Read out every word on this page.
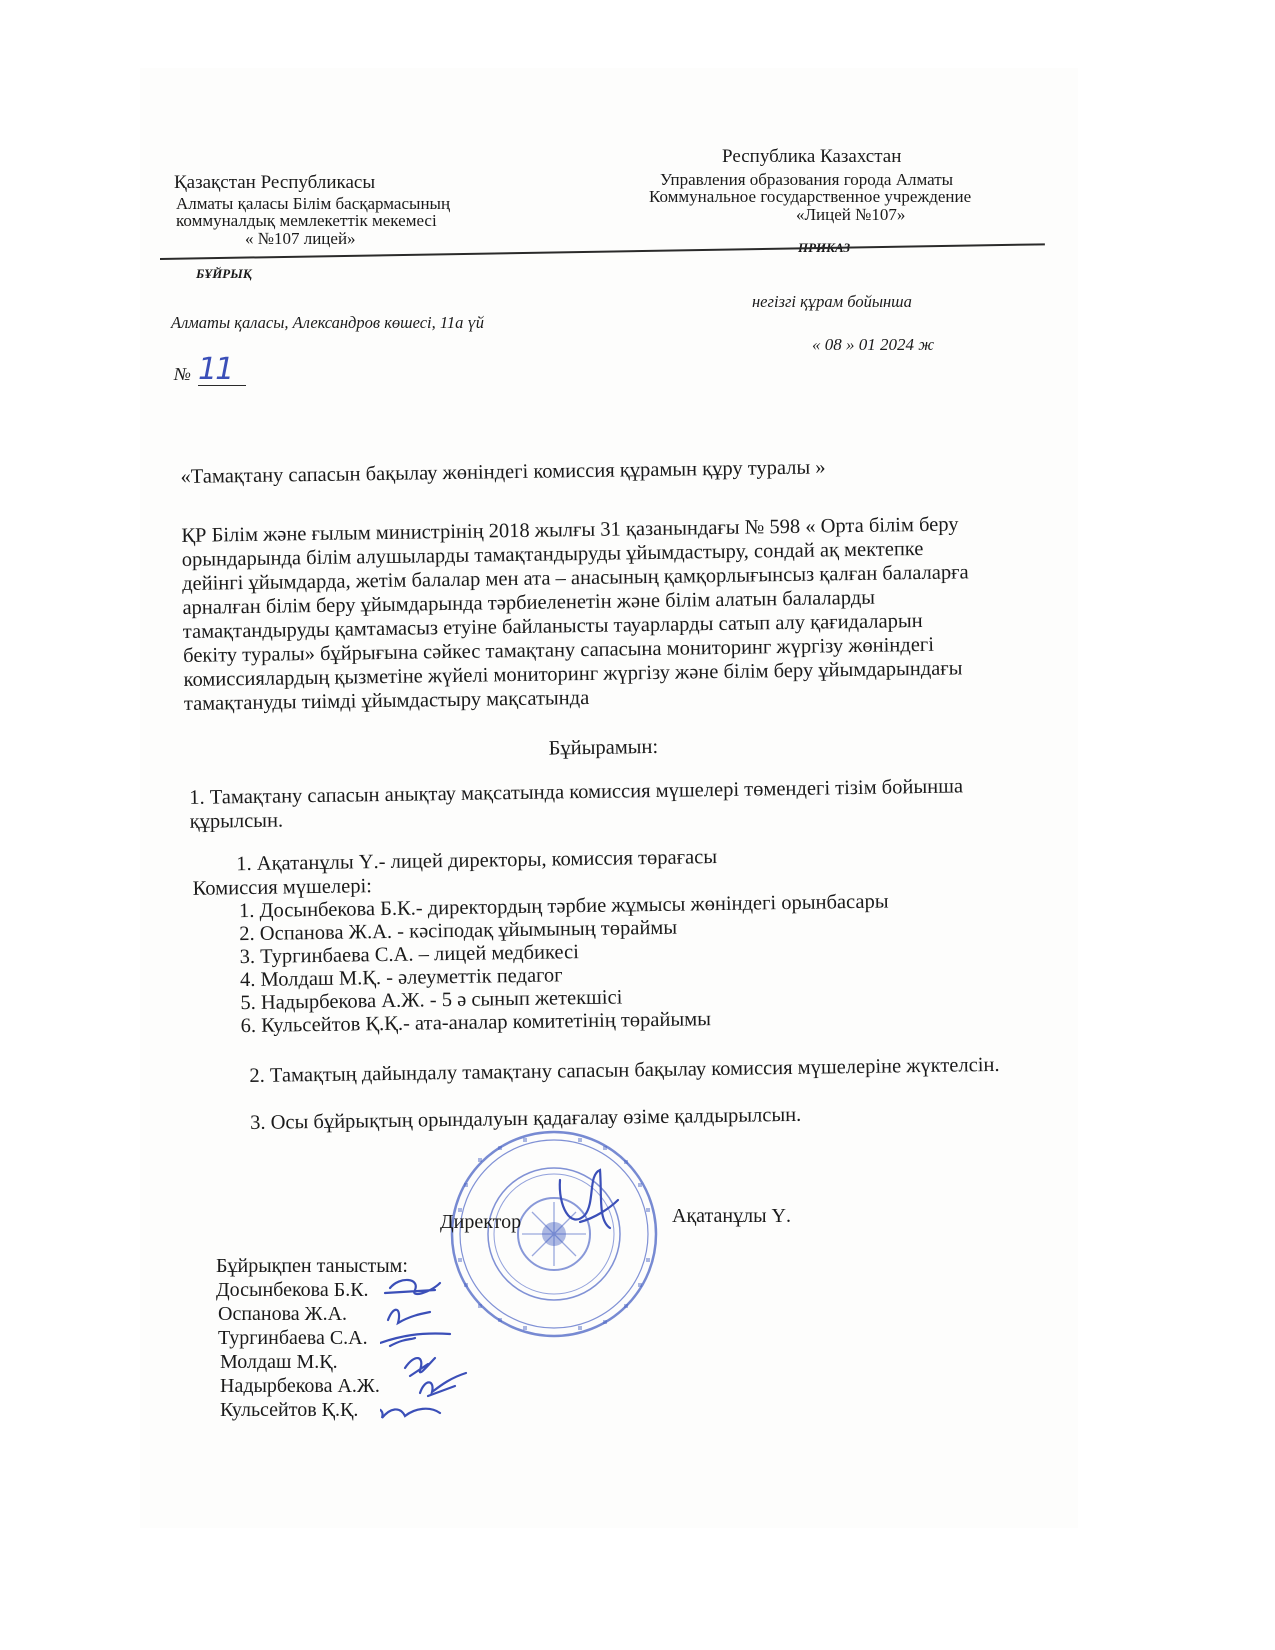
Қазақстан Республикасы
Алматы қаласы Білім басқармасының
коммуналдық мемлекеттік мекемесі
« №107 лицей»
БҰЙРЫҚ
Республика Казахстан
Управления образования города Алматы
Коммунальное государственное учреждение
«Лицей №107»
ПРИКАЗ
Алматы қаласы, Александров көшесі, 11а үй
негізгі құрам бойынша
« 08 » 01 2024 ж
№ 11
«Тамақтану сапасын бақылау жөніндегі комиссия құрамын құру туралы »
ҚР Білім және ғылым министрінің 2018 жылғы 31 қазанындағы № 598 « Орта білім беру
орындарында білім алушыларды тамақтандыруды ұйымдастыру, сондай ақ мектепке
дейінгі ұйымдарда, жетім балалар мен ата – анасының қамқорлығынсыз қалған балаларға
арналған білім беру ұйымдарында тәрбиеленетін және білім алатын балаларды
тамақтандыруды қамтамасыз етуіне байланысты тауарларды сатып алу қағидаларын
бекіту туралы» бұйрығына сәйкес тамақтану сапасына мониторинг жүргізу жөніндегі
комиссиялардың қызметіне жүйелі мониторинг жүргізу және білім беру ұйымдарындағы
тамақтануды тиімді ұйымдастыру мақсатында
Бұйырамын:
1. Тамақтану сапасын анықтау мақсатында комиссия мүшелері төмендегі тізім бойынша
құрылсын.
1. Ақатанұлы Ү.- лицей директоры, комиссия төрағасы
Комиссия мүшелері:
1. Досынбекова Б.К.- директордың тәрбие жұмысы жөніндегі орынбасары
2. Оспанова Ж.А. - кәсіподақ ұйымының төраймы
3. Тургинбаева С.А. – лицей медбикесі
4. Молдаш М.Қ. - әлеуметтік педагог
5. Надырбекова А.Ж. - 5 ә сынып жетекшісі
6. Кульсейтов Қ.Қ.- ата-аналар комитетінің төрайымы
2. Тамақтың дайындалу тамақтану сапасын бақылау комиссия мүшелеріне жүктелсін.
3. Осы бұйрықтың орындалуын қадағалау өзіме қалдырылсын.
Директор	Ақатанұлы Ү.
Бұйрықпен таныстым:
Досынбекова Б.К.
Оспанова Ж.А.
Тургинбаева С.А.
Молдаш М.Қ.
Надырбекова А.Ж.
Кульсейтов Қ.Қ.
